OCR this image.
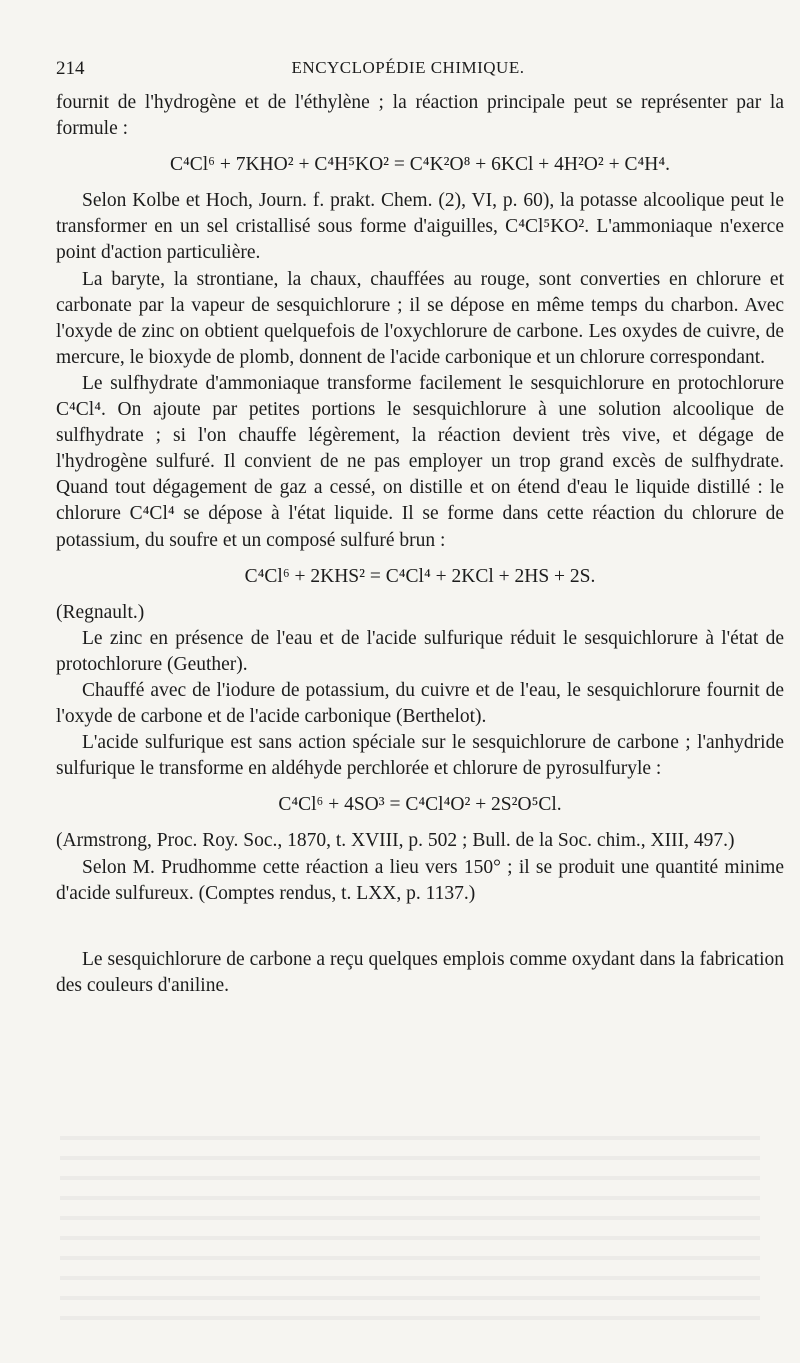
214	ENCYCLOPÉDIE CHIMIQUE.

fournit de l'hydrogène et de l'éthylène ; la réaction principale peut se représenter par la formule :

C⁴Cl⁶ + 7KHO² + C⁴H⁵KO² = C⁴K²O⁸ + 6KCl + 4H²O² + C⁴H⁴.

Selon Kolbe et Hoch, Journ. f. prakt. Chem. (2), VI, p. 60), la potasse alcoolique peut le transformer en un sel cristallisé sous forme d'aiguilles, C⁴Cl⁵KO². L'ammoniaque n'exerce point d'action particulière.

La baryte, la strontiane, la chaux, chauffées au rouge, sont converties en chlorure et carbonate par la vapeur de sesquichlorure ; il se dépose en même temps du charbon. Avec l'oxyde de zinc on obtient quelquefois de l'oxychlorure de carbone. Les oxydes de cuivre, de mercure, le bioxyde de plomb, donnent de l'acide carbonique et un chlorure correspondant.

Le sulfhydrate d'ammoniaque transforme facilement le sesquichlorure en protochlorure C⁴Cl⁴. On ajoute par petites portions le sesquichlorure à une solution alcoolique de sulfhydrate ; si l'on chauffe légèrement, la réaction devient très vive, et dégage de l'hydrogène sulfuré. Il convient de ne pas employer un trop grand excès de sulfhydrate. Quand tout dégagement de gaz a cessé, on distille et on étend d'eau le liquide distillé : le chlorure C⁴Cl⁴ se dépose à l'état liquide. Il se forme dans cette réaction du chlorure de potassium, du soufre et un composé sulfuré brun :

C⁴Cl⁶ + 2KHS² = C⁴Cl⁴ + 2KCl + 2HS + 2S.

(Regnault.)

Le zinc en présence de l'eau et de l'acide sulfurique réduit le sesquichlorure à l'état de protochlorure (Geuther).

Chauffé avec de l'iodure de potassium, du cuivre et de l'eau, le sesquichlorure fournit de l'oxyde de carbone et de l'acide carbonique (Berthelot).

L'acide sulfurique est sans action spéciale sur le sesquichlorure de carbone ; l'anhydride sulfurique le transforme en aldéhyde perchlorée et chlorure de pyrosulfuryle :

C⁴Cl⁶ + 4SO³ = C⁴Cl⁴O² + 2S²O⁵Cl.

(Armstrong, Proc. Roy. Soc., 1870, t. XVIII, p. 502 ; Bull. de la Soc. chim., XIII, 497.)

Selon M. Prudhomme cette réaction a lieu vers 150° ; il se produit une quantité minime d'acide sulfureux. (Comptes rendus, t. LXX, p. 1137.)

Le sesquichlorure de carbone a reçu quelques emplois comme oxydant dans la fabrication des couleurs d'aniline.
